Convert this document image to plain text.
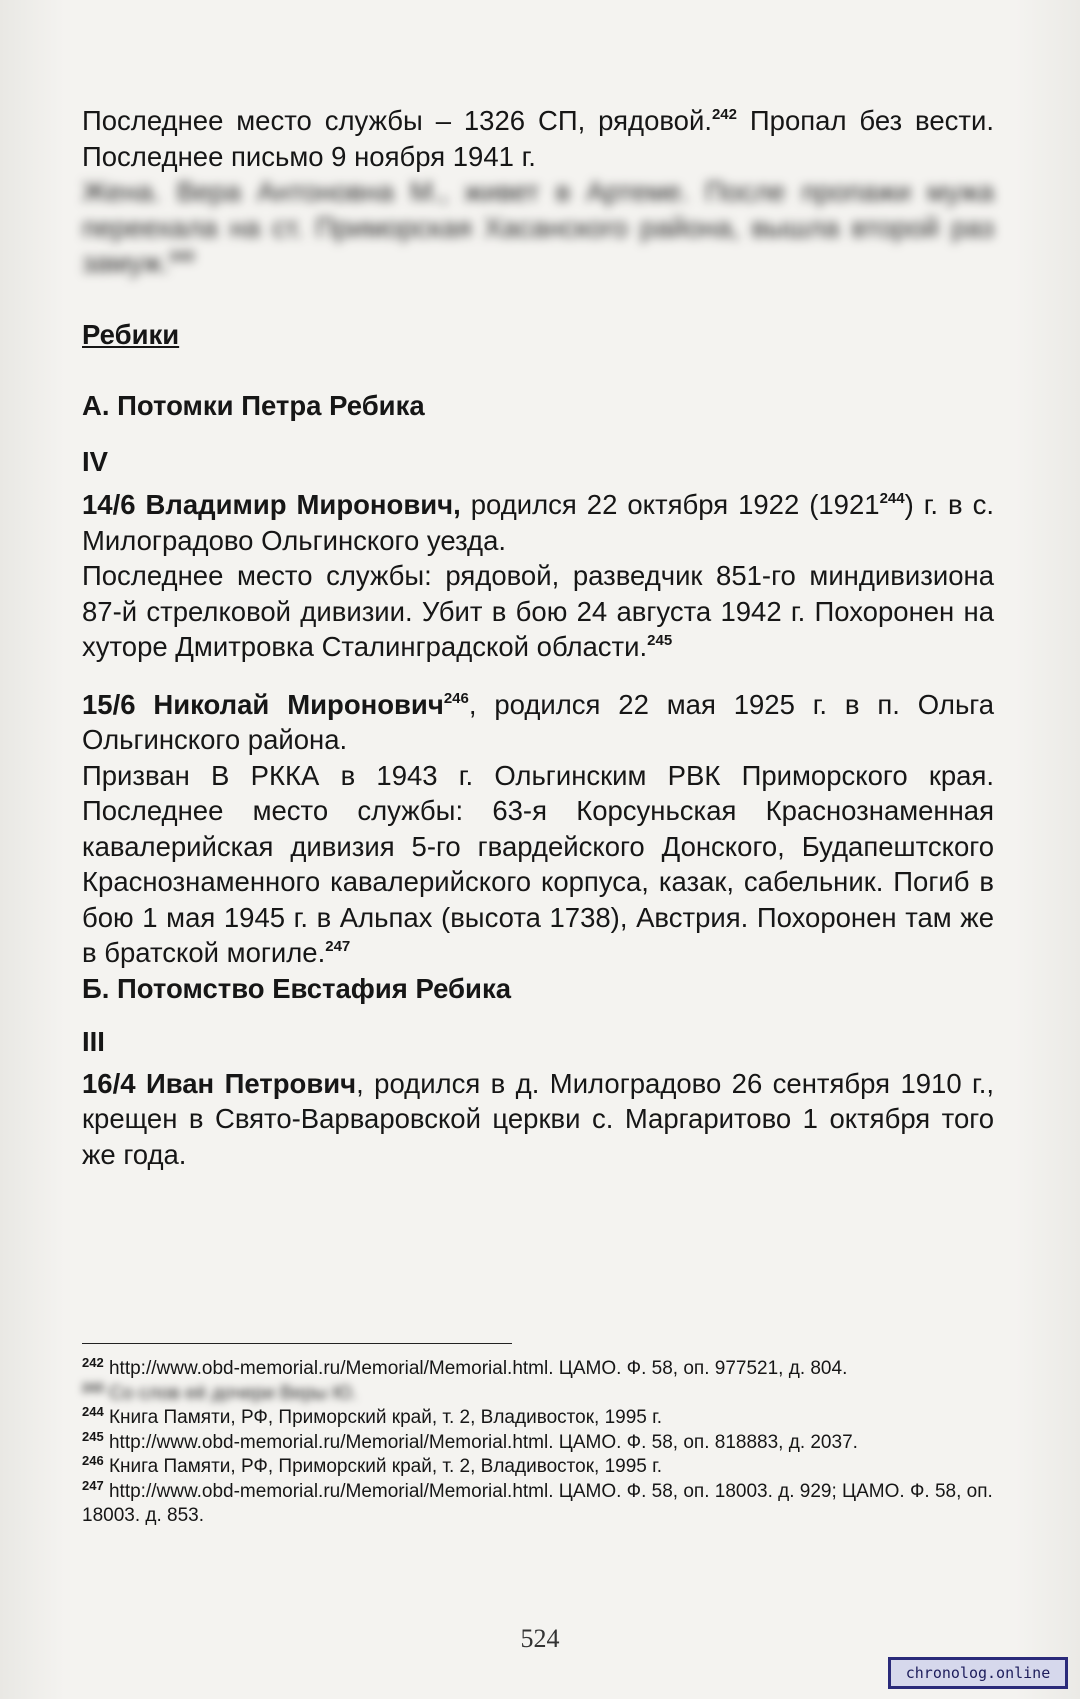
Последнее место службы – 1326 СП, рядовой.$^{242}$ Пропал без вести. Последнее письмо 9 ноября 1941 г.

Жена. Вера Антоновна М., живет в Артеме. После пропажи мужа переехала на ст. Приморская Хасанского района, вышла второй раз замуж.$^{243}$

Ребики

А. Потомки Петра Ребика

IV

14/6 Владимир Миронович, родился 22 октября 1922 (1921$^{244}$) г. в с. Милоградово Ольгинского уезда.

Последнее место службы: рядовой, разведчик 851-го миндивизиона 87-й стрелковой дивизии. Убит в бою 24 августа 1942 г. Похоронен на хуторе Дмитровка Сталинградской области.$^{245}$

15/6 Николай Миронович$^{246}$, родился 22 мая 1925 г. в п. Ольга Ольгинского района.

Призван В РККА в 1943 г. Ольгинским РВК Приморского края. Последнее место службы: 63-я Корсуньская Краснознаменная кавалерийская дивизия 5-го гвардейского Донского, Будапештского Краснознаменного кавалерийского корпуса, казак, сабельник. Погиб в бою 1 мая 1945 г. в Альпах (высота 1738), Австрия. Похоронен там же в братской могиле.$^{247}$

Б. Потомство Евстафия Ребика

III

16/4 Иван Петрович, родился в д. Милоградово 26 сентября 1910 г., крещен в Свято-Варваровской церкви с. Маргаритово 1 октября того же года.

$^{242}$ http://www.obd-memorial.ru/Memorial/Memorial.html. ЦАМО. Ф. 58, оп. 977521, д. 804.
$^{243}$ Со слов её дочери Веры Ю.
$^{244}$ Книга Памяти, РФ, Приморский край, т. 2, Владивосток, 1995 г.
$^{245}$ http://www.obd-memorial.ru/Memorial/Memorial.html. ЦАМО. Ф. 58, оп. 818883, д. 2037.
$^{246}$ Книга Памяти, РФ, Приморский край, т. 2, Владивосток, 1995 г.
$^{247}$ http://www.obd-memorial.ru/Memorial/Memorial.html. ЦАМО. Ф. 58, оп. 18003. д. 929; ЦАМО. Ф. 58, оп. 18003. д. 853.
524
chronolog.online
